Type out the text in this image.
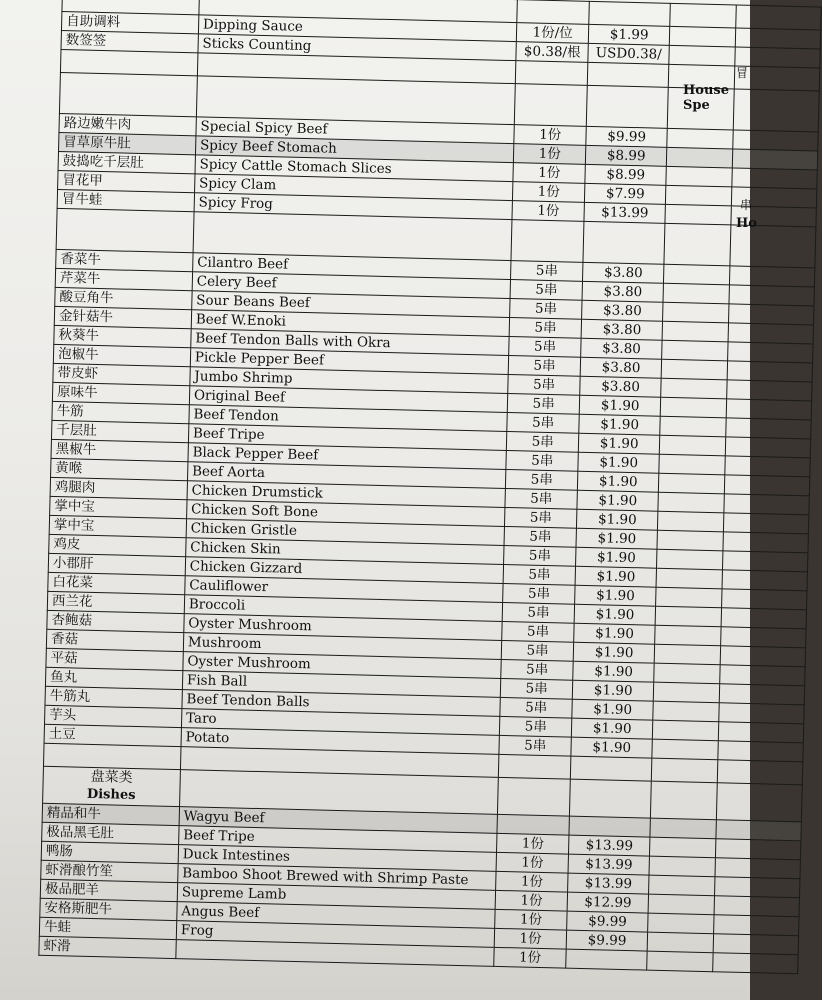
自助调料	Dipping Sauce	1份/位	$1.99		
数签签	Sticks Counting	$0.38/根	USD0.38/		

路边嫩牛肉	Special Spicy Beef	1份	$9.99		
冒草原牛肚	Spicy Beef Stomach	1份	$8.99		
鼓捣吃千层肚	Spicy Cattle Stomach Slices	1份	$8.99		
冒花甲	Spicy Clam	1份	$7.99		
冒牛蛙	Spicy Frog	1份	$13.99		

香菜牛	Cilantro Beef	5串	$3.80		
芹菜牛	Celery Beef	5串	$3.80		
酸豆角牛	Sour Beans Beef	5串	$3.80		
金针菇牛	Beef W.Enoki	5串	$3.80		
秋葵牛	Beef Tendon Balls with Okra	5串	$3.80		
泡椒牛	Pickle Pepper Beef	5串	$3.80		
带皮虾	Jumbo Shrimp	5串	$3.80		
原味牛	Original Beef	5串	$1.90		
牛筋	Beef Tendon	5串	$1.90		
千层肚	Beef Tripe	5串	$1.90		
黑椒牛	Black Pepper Beef	5串	$1.90		
黄喉	Beef Aorta	5串	$1.90		
鸡腿肉	Chicken Drumstick	5串	$1.90		
掌中宝	Chicken Soft Bone	5串	$1.90		
掌中宝	Chicken Gristle	5串	$1.90		
鸡皮	Chicken Skin	5串	$1.90		
小郡肝	Chicken Gizzard	5串	$1.90		
白花菜	Cauliflower	5串	$1.90		
西兰花	Broccoli	5串	$1.90		
杏鲍菇	Oyster Mushroom	5串	$1.90		
香菇	Mushroom	5串	$1.90		
平菇	Oyster Mushroom	5串	$1.90		
鱼丸	Fish Ball	5串	$1.90		
牛筋丸	Beef Tendon Balls	5串	$1.90		
芋头	Taro	5串	$1.90		
土豆	Potato	5串	$1.90		

盘菜类
Dishes					

精品和牛	Wagyu Beef				
极品黑毛肚	Beef Tripe	1份	$13.99		
鸭肠	Duck Intestines	1份	$13.99		
虾滑酿竹笙	Bamboo Shoot Brewed with Shrimp Paste	1份	$13.99		
极品肥羊	Supreme Lamb	1份	$12.99		
安格斯肥牛	Angus Beef	1份	$9.99		
牛蛙	Frog	1份	$9.99		
虾滑		1份			
冒
House Spe
串
Ho
